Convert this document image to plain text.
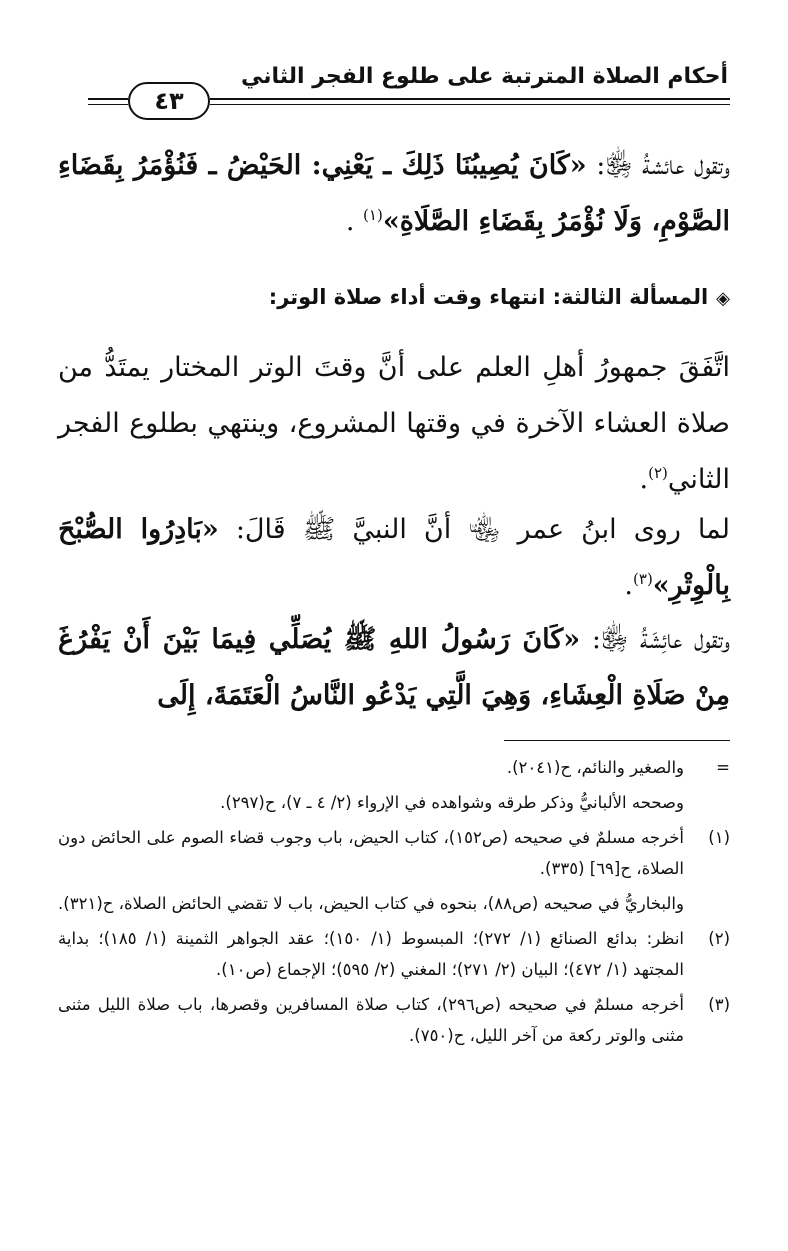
أحكام الصلاة المترتبة على طلوع الفجر الثاني
٤٣
وتقول عائشةُ ﵂: «كَانَ يُصِيبُنَا ذَلِكَ ـ يَعْنِي: الحَيْضُ ـ فَنُؤْمَرُ بِقَضَاءِ الصَّوْمِ، وَلَا نُؤْمَرُ بِقَضَاءِ الصَّلَاةِ»$^{(١)}$ .
◈المسألة الثالثة: انتهاء وقت أداء صلاة الوتر:
اتَّفَقَ جمهورُ أهلِ العلم على أنَّ وقتَ الوتر المختار يمتَدُّ من صلاة العشاء الآخرة في وقتها المشروع، وينتهي بطلوع الفجر الثاني$^{(٢)}$.
لما روى ابنُ عمر ﵄ أنَّ النبيَّ ﷺ قَالَ: «بَادِرُوا الصُّبْحَ بِالْوِتْرِ»$^{(٣)}$.
وتقول عائِشَةُ ﵂: «كَانَ رَسُولُ اللهِ ﷺ يُصَلِّي فِيمَا بَيْنَ أَنْ يَفْرُغَ مِنْ صَلَاةِ الْعِشَاءِ، وَهِيَ الَّتِي يَدْعُو النَّاسُ الْعَتَمَةَ، إِلَى
=

والصغير والنائم، ح(٢٠٤١).

وصححه الألبانيُّ وذكر طرقه وشواهده في الإرواء (٢/ ٤ ـ ٧)، ح(٢٩٧).

(١)

أخرجه مسلمٌ في صحيحه (ص١٥٢)، كتاب الحيض، باب وجوب قضاء الصوم على الحائض دون الصلاة، ح[٦٩] (٣٣٥).

والبخاريُّ في صحيحه (ص٨٨)، بنحوه في كتاب الحيض، باب لا تقضي الحائض الصلاة، ح(٣٢١).

(٢)

انظر: بدائع الصنائع (١/ ٢٧٢)؛ المبسوط (١/ ١٥٠)؛ عقد الجواهر الثمينة (١/ ١٨٥)؛ بداية المجتهد (١/ ٤٧٢)؛ البيان (٢/ ٢٧١)؛ المغني (٢/ ٥٩٥)؛ الإجماع (ص١٠).

(٣)

أخرجه مسلمٌ في صحيحه (ص٢٩٦)، كتاب صلاة المسافرين وقصرها، باب صلاة الليل مثنى مثنى والوتر ركعة من آخر الليل، ح(٧٥٠).
